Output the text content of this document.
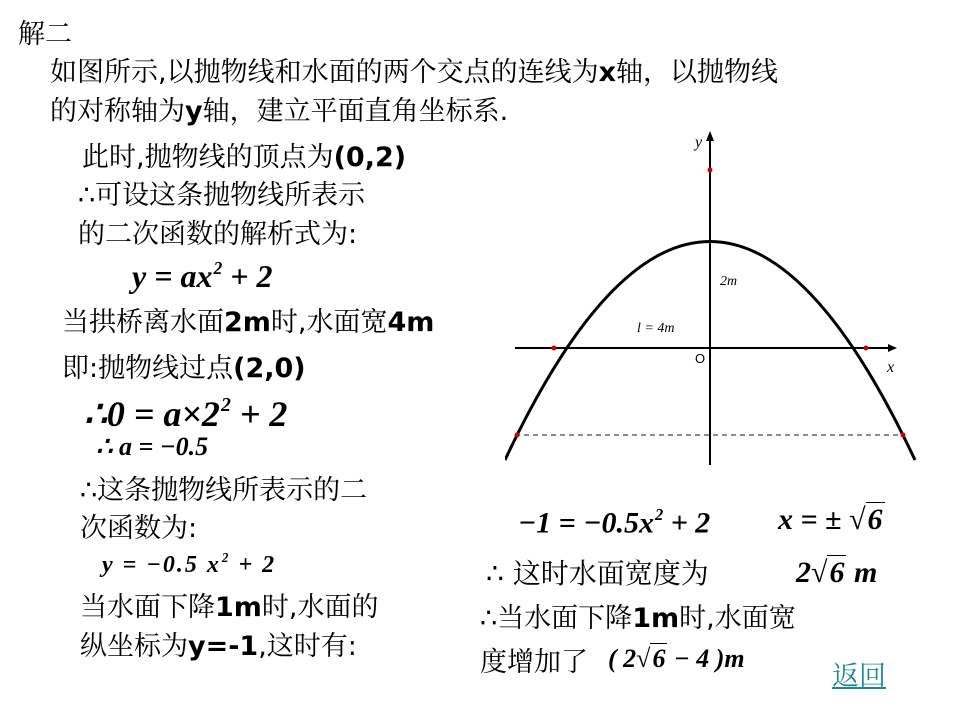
解二
如图所示,以抛物线和水面的两个交点的连线为x轴，以抛物线
的对称轴为y轴，建立平面直角坐标系.
此时,抛物线的顶点为(0,2)
∴可设这条抛物线所表示
的二次函数的解析式为:
$y = ax^2 + 2$
当拱桥离水面2m时,水面宽4m
即:抛物线过点(2,0)
∴0 = $a\times 2^2 + 2$
∴ a = −0.5
∴这条抛物线所表示的二
次函数为:
y = −0.5 $x^2 + 2$
当水面下降1m时,水面的
纵坐标为y=-1,这时有:
$-1 = -0.5x^2 + 2$ x = ± √6
∴ 这时水面宽度为	2√6 m
∴当水面下降1m时,水面宽
度增加了 ( 2√6 − 4 )m
返回
y
x
O
2m
l = 4m
